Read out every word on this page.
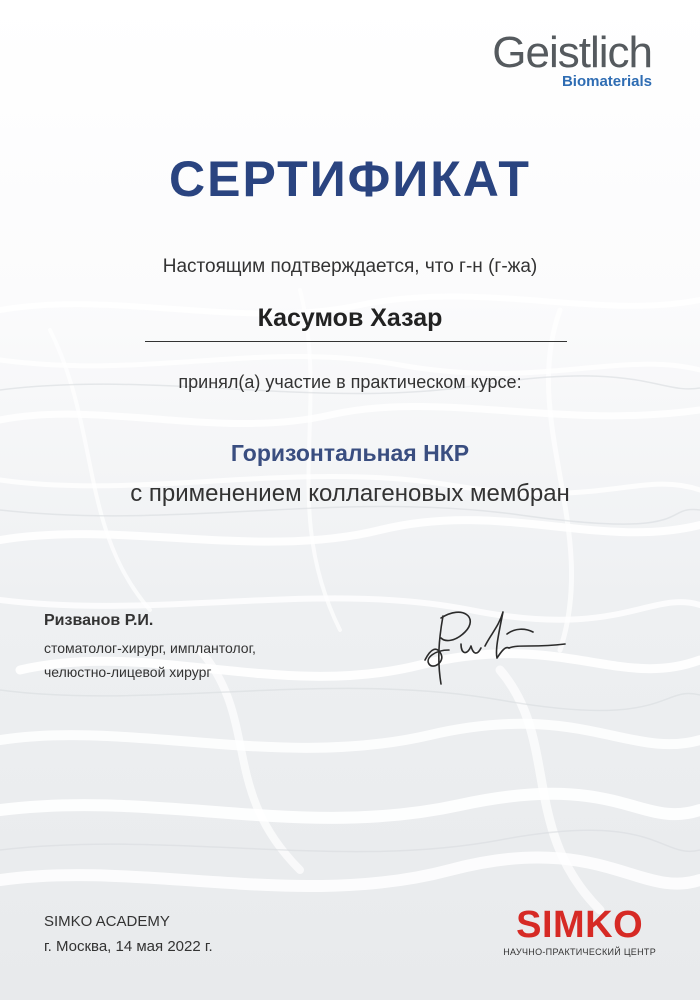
Geistlich
Biomaterials
СЕРТИФИКАТ
Настоящим подтверждается, что г-н (г-жа)
Касумов Хазар
принял(а) участие в практическом курсе:
Горизонтальная НКР
с применением коллагеновых мембран
Ризванов Р.И.
стоматолог-хирург, имплантолог,
челюстно-лицевой хирург
SIMKO ACADEMY
г. Москва, 14 мая 2022 г.
SIMKO
НАУЧНО-ПРАКТИЧЕСКИЙ ЦЕНТР
